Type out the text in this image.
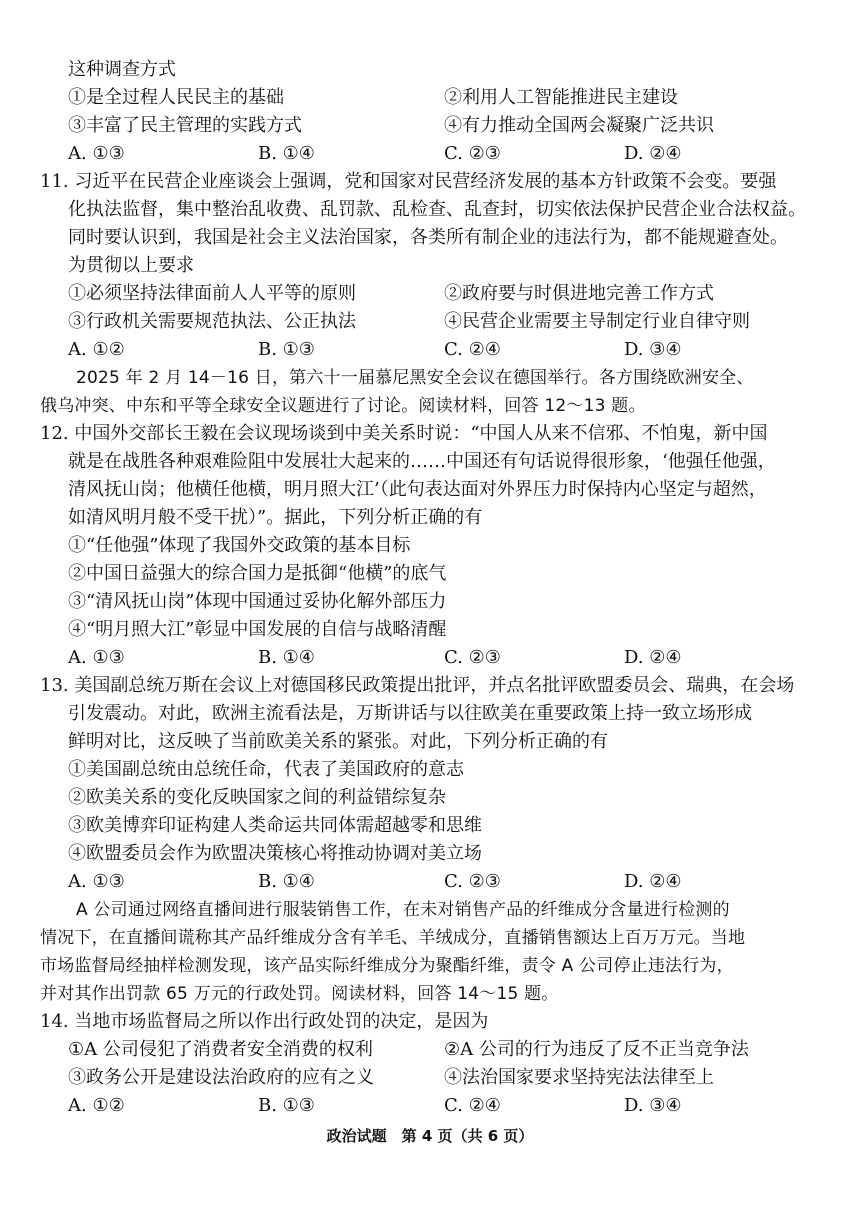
这种调查方式
①是全过程人民民主的基础	②利用人工智能推进民主建设
③丰富了民主管理的实践方式	④有力推动全国两会凝聚广泛共识
A. ①③	B. ①④	C. ②③	D. ②④
11. 习近平在民营企业座谈会上强调，党和国家对民营经济发展的基本方针政策不会变。要强
化执法监督，集中整治乱收费、乱罚款、乱检查、乱查封，切实依法保护民营企业合法权益。
同时要认识到，我国是社会主义法治国家，各类所有制企业的违法行为，都不能规避查处。
为贯彻以上要求
①必须坚持法律面前人人平等的原则	②政府要与时俱进地完善工作方式
③行政机关需要规范执法、公正执法	④民营企业需要主导制定行业自律守则
A. ①②	B. ①③	C. ②④	D. ③④
2025 年 2 月 14－16 日，第六十一届慕尼黑安全会议在德国举行。各方围绕欧洲安全、
俄乌冲突、中东和平等全球安全议题进行了讨论。阅读材料，回答 12～13 题。
12. 中国外交部长王毅在会议现场谈到中美关系时说：“中国人从来不信邪、不怕鬼，新中国
就是在战胜各种艰难险阻中发展壮大起来的……中国还有句话说得很形象，‘他强任他强，
清风抚山岗；他横任他横，明月照大江’（此句表达面对外界压力时保持内心坚定与超然，
如清风明月般不受干扰）”。据此，下列分析正确的有
①“任他强”体现了我国外交政策的基本目标
②中国日益强大的综合国力是抵御“他横”的底气
③“清风抚山岗”体现中国通过妥协化解外部压力
④“明月照大江”彰显中国发展的自信与战略清醒
A. ①③	B. ①④	C. ②③	D. ②④
13. 美国副总统万斯在会议上对德国移民政策提出批评，并点名批评欧盟委员会、瑞典，在会场
引发震动。对此，欧洲主流看法是，万斯讲话与以往欧美在重要政策上持一致立场形成
鲜明对比，这反映了当前欧美关系的紧张。对此，下列分析正确的有
①美国副总统由总统任命，代表了美国政府的意志
②欧美关系的变化反映国家之间的利益错综复杂
③欧美博弈印证构建人类命运共同体需超越零和思维
④欧盟委员会作为欧盟决策核心将推动协调对美立场
A. ①③	B. ①④	C. ②③	D. ②④
A 公司通过网络直播间进行服装销售工作，在未对销售产品的纤维成分含量进行检测的
情况下，在直播间谎称其产品纤维成分含有羊毛、羊绒成分，直播销售额达上百万万元。当地
市场监督局经抽样检测发现，该产品实际纤维成分为聚酯纤维，责令 A 公司停止违法行为，
并对其作出罚款 65 万元的行政处罚。阅读材料，回答 14～15 题。
14. 当地市场监督局之所以作出行政处罚的决定，是因为
①A 公司侵犯了消费者安全消费的权利	②A 公司的行为违反了反不正当竞争法
③政务公开是建设法治政府的应有之义	④法治国家要求坚持宪法法律至上
A. ①②	B. ①③	C. ②④	D. ③④
政治试题　第 4 页（共 6 页）
